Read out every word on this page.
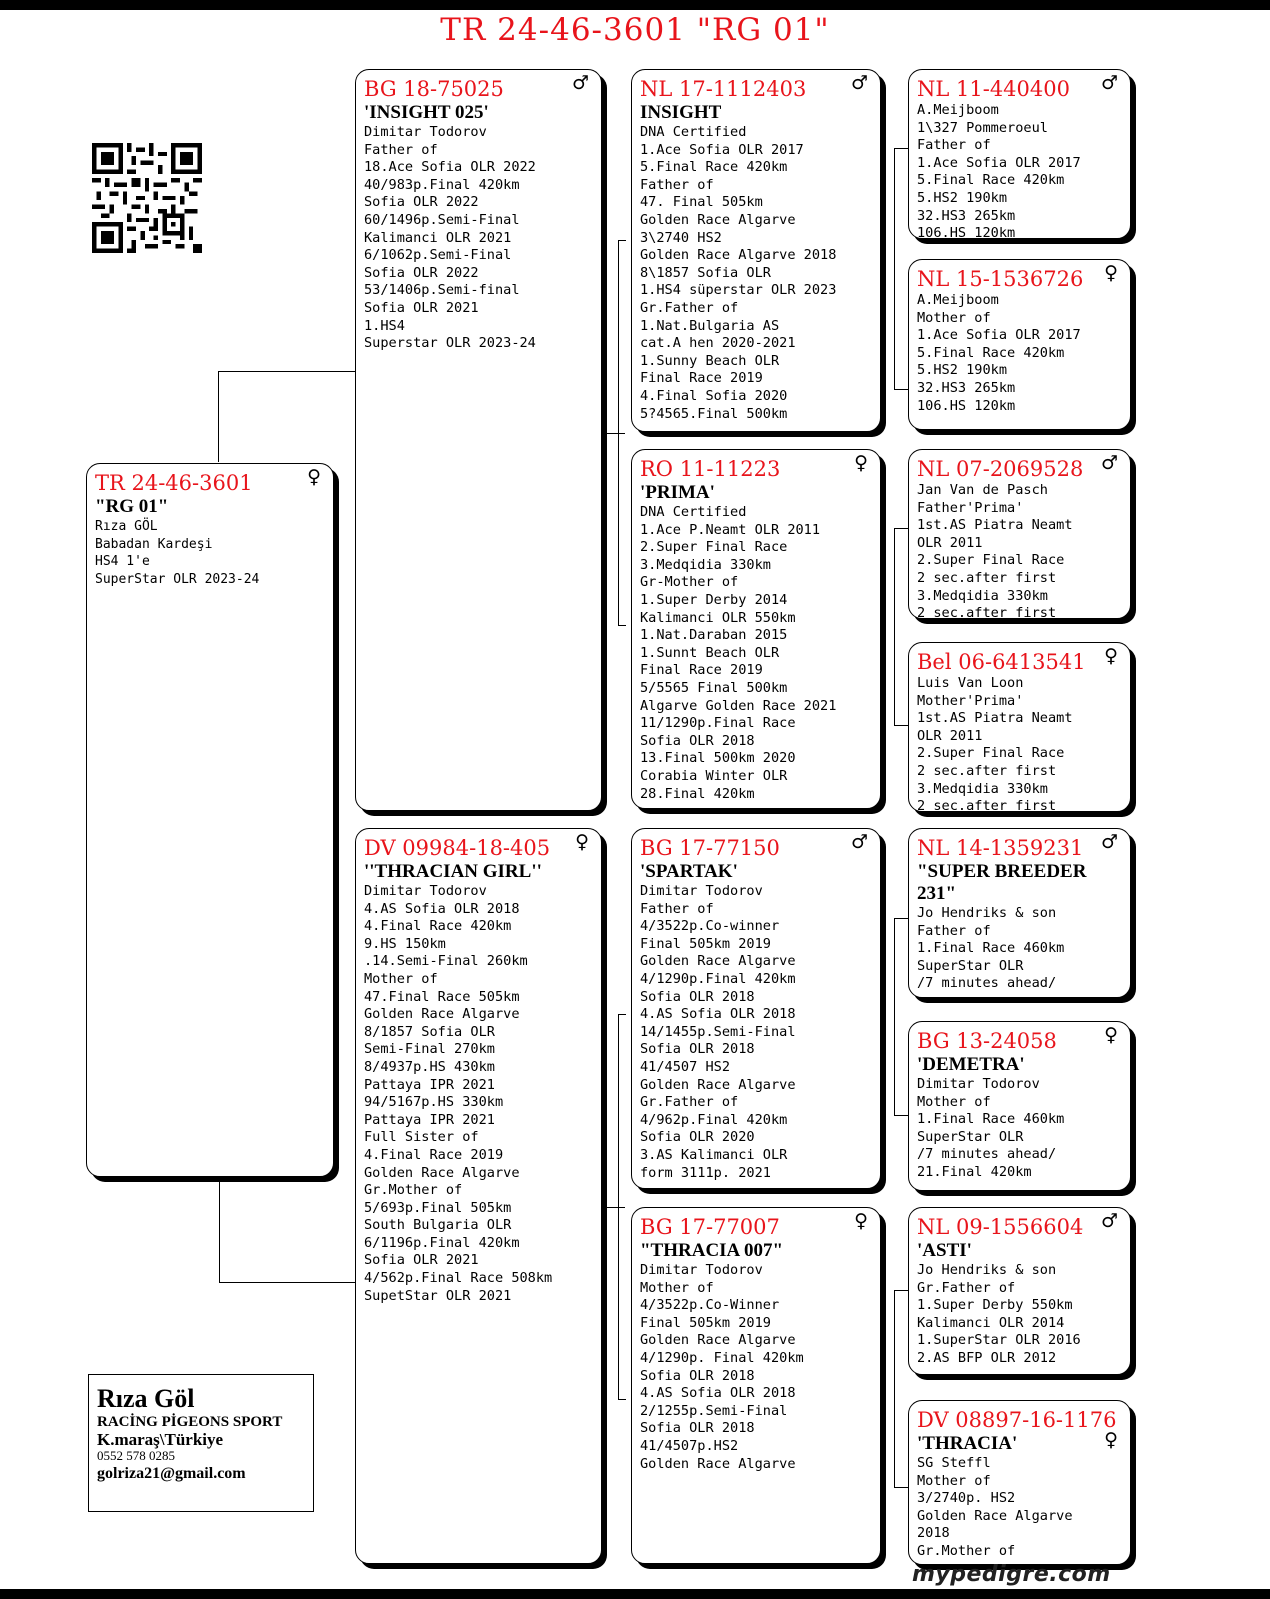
TR 24-46-3601 "RG 01"
TR 24-46-3601	♀
"RG 01"
Rıza GÖL
Babadan Kardeşi
HS4 1'e
SuperStar OLR 2023-24
BG 18-75025	♂
'INSIGHT 025'
Dimitar Todorov
Father of
18.Ace Sofia OLR 2022
40/983p.Final 420km
Sofia OLR 2022
60/1496p.Semi-Final
Kalimanci OLR 2021
6/1062p.Semi-Final
Sofia OLR 2022
53/1406p.Semi-final
Sofia OLR 2021
1.HS4
Superstar OLR 2023-24
DV 09984-18-405	♀
''THRACIAN GIRL''
Dimitar Todorov
4.AS Sofia OLR 2018
4.Final Race 420km
9.HS 150km
.14.Semi-Final 260km
Mother of
47.Final Race 505km
Golden Race Algarve
8/1857 Sofia OLR
Semi-Final 270km
8/4937p.HS 430km
Pattaya IPR 2021
94/5167p.HS 330km
Pattaya IPR 2021
Full Sister of
4.Final Race 2019
Golden Race Algarve
Gr.Mother of
5/693p.Final 505km
South Bulgaria OLR
6/1196p.Final 420km
Sofia OLR 2021
4/562p.Final Race 508km
SupetStar OLR 2021
NL 17-1112403	♂
INSIGHT
DNA Certified
1.Ace Sofia OLR 2017
5.Final Race 420km
Father of
47. Final 505km
Golden Race Algarve
3\2740 HS2
Golden Race Algarve 2018
8\1857 Sofia OLR
1.HS4 süperstar OLR 2023
Gr.Father of
1.Nat.Bulgaria AS
cat.A hen 2020-2021
1.Sunny Beach OLR
Final Race 2019
4.Final Sofia 2020
5?4565.Final 500km
RO 11-11223	♀
'PRIMA'
DNA Certified
1.Ace P.Neamt OLR 2011
2.Super Final Race
3.Medqidia 330km
Gr-Mother of
1.Super Derby 2014
Kalimanci OLR 550km
1.Nat.Daraban 2015
1.Sunnt Beach OLR
Final Race 2019
5/5565 Final 500km
Algarve Golden Race 2021
11/1290p.Final Race
Sofia OLR 2018
13.Final 500km 2020
Corabia Winter OLR
28.Final 420km
BG 17-77150	♂
'SPARTAK'
Dimitar Todorov
Father of
4/3522p.Co-winner
Final 505km 2019
Golden Race Algarve
4/1290p.Final 420km
Sofia OLR 2018
4.AS Sofia OLR 2018
14/1455p.Semi-Final
Sofia OLR 2018
41/4507 HS2
Golden Race Algarve
Gr.Father of
4/962p.Final 420km
Sofia OLR 2020
3.AS Kalimanci OLR
form 3111p. 2021
BG 17-77007	♀
"THRACIA 007"
Dimitar Todorov
Mother of
4/3522p.Co-Winner
Final 505km 2019
Golden Race Algarve
4/1290p. Final 420km
Sofia OLR 2018
4.AS Sofia OLR 2018
2/1255p.Semi-Final
Sofia OLR 2018
41/4507p.HS2
Golden Race Algarve
NL 11-440400	♂
A.Meijboom
1\327 Pommeroeul
Father of
1.Ace Sofia OLR 2017
5.Final Race 420km
5.HS2 190km
32.HS3 265km
106.HS 120km
NL 15-1536726	♀
A.Meijboom
Mother of
1.Ace Sofia OLR 2017
5.Final Race 420km
5.HS2 190km
32.HS3 265km
106.HS 120km
NL 07-2069528 ♂
Jan Van de Pasch
Father'Prima'
1st.AS Piatra Neamt
OLR 2011
2.Super Final Race
2 sec.after first
3.Medqidia 330km
2 sec.after first
Bel 06-6413541 ♀
Luis Van Loon
Mother'Prima'
1st.AS Piatra Neamt
OLR 2011
2.Super Final Race
2 sec.after first
3.Medqidia 330km
2 sec.after first
NL 14-1359231 ♂
"SUPER BREEDER 231"
Jo Hendriks & son
Father of
1.Final Race 460km
SuperStar OLR
/7 minutes ahead/
BG 13-24058	♀
'DEMETRA'
Dimitar Todorov
Mother of
1.Final Race 460km
SuperStar OLR
/7 minutes ahead/
21.Final 420km
NL 09-1556604 ♂
'ASTI'
Jo Hendriks & son
Gr.Father of
1.Super Derby 550km
Kalimanci OLR 2014
1.SuperStar OLR 2016
2.AS BFP OLR 2012
DV 08897-16-1176
♀
'THRACIA'
SG Steffl
Mother of
3/2740p. HS2
Golden Race Algarve
2018
Gr.Mother of
Rıza Göl
RACİNG PİGEONS SPORT
K.maraş\Türkiye
0552 578 0285
golriza21@gmail.com
mypedigre.com
